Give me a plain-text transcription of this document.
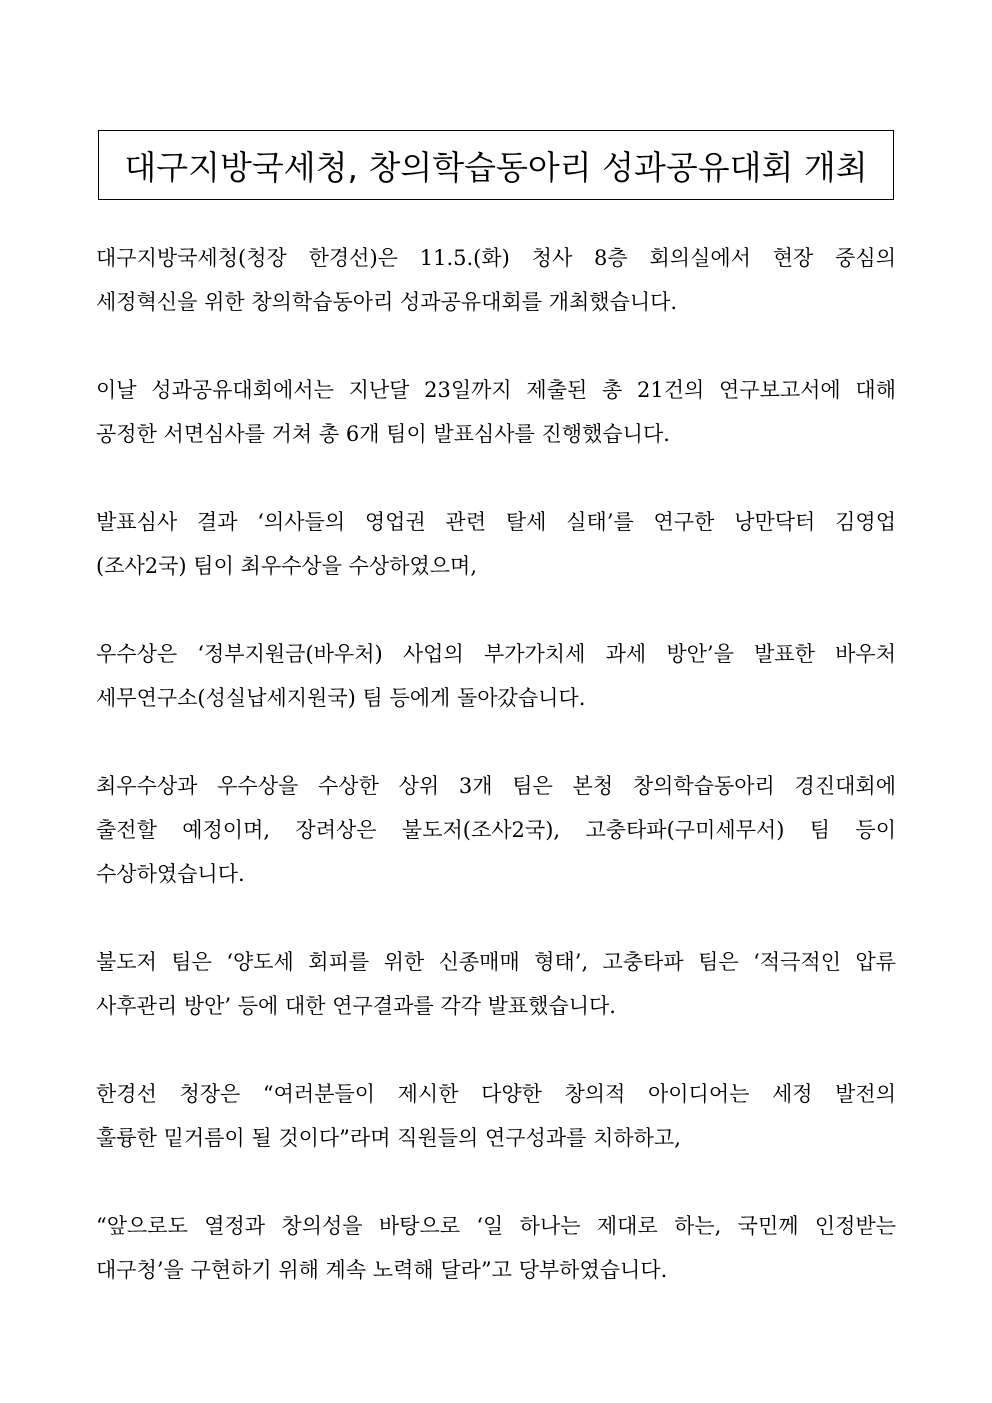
대구지방국세청, 창의학습동아리 성과공유대회 개최
대구지방국세청(청장 한경선)은 11.5.(화) 청사 8층 회의실에서 현장 중심의
세정혁신을 위한 창의학습동아리 성과공유대회를 개최했습니다.
이날 성과공유대회에서는 지난달 23일까지 제출된 총 21건의 연구보고서에 대해
공정한 서면심사를 거쳐 총 6개 팀이 발표심사를 진행했습니다.
발표심사 결과 ‘의사들의 영업권 관련 탈세 실태’를 연구한 낭만닥터 김영업
(조사2국) 팀이 최우수상을 수상하였으며,
우수상은 ‘정부지원금(바우처) 사업의 부가가치세 과세 방안’을 발표한 바우처
세무연구소(성실납세지원국) 팀 등에게 돌아갔습니다.
최우수상과 우수상을 수상한 상위 3개 팀은 본청 창의학습동아리 경진대회에
출전할 예정이며, 장려상은 불도저(조사2국), 고충타파(구미세무서) 팀 등이
수상하였습니다.
불도저 팀은 ‘양도세 회피를 위한 신종매매 형태’, 고충타파 팀은 ‘적극적인 압류
사후관리 방안’ 등에 대한 연구결과를 각각 발표했습니다.
한경선 청장은 “여러분들이 제시한 다양한 창의적 아이디어는 세정 발전의
훌륭한 밑거름이 될 것이다”라며 직원들의 연구성과를 치하하고,
“앞으로도 열정과 창의성을 바탕으로 ‘일 하나는 제대로 하는, 국민께 인정받는
대구청’을 구현하기 위해 계속 노력해 달라”고 당부하였습니다.
